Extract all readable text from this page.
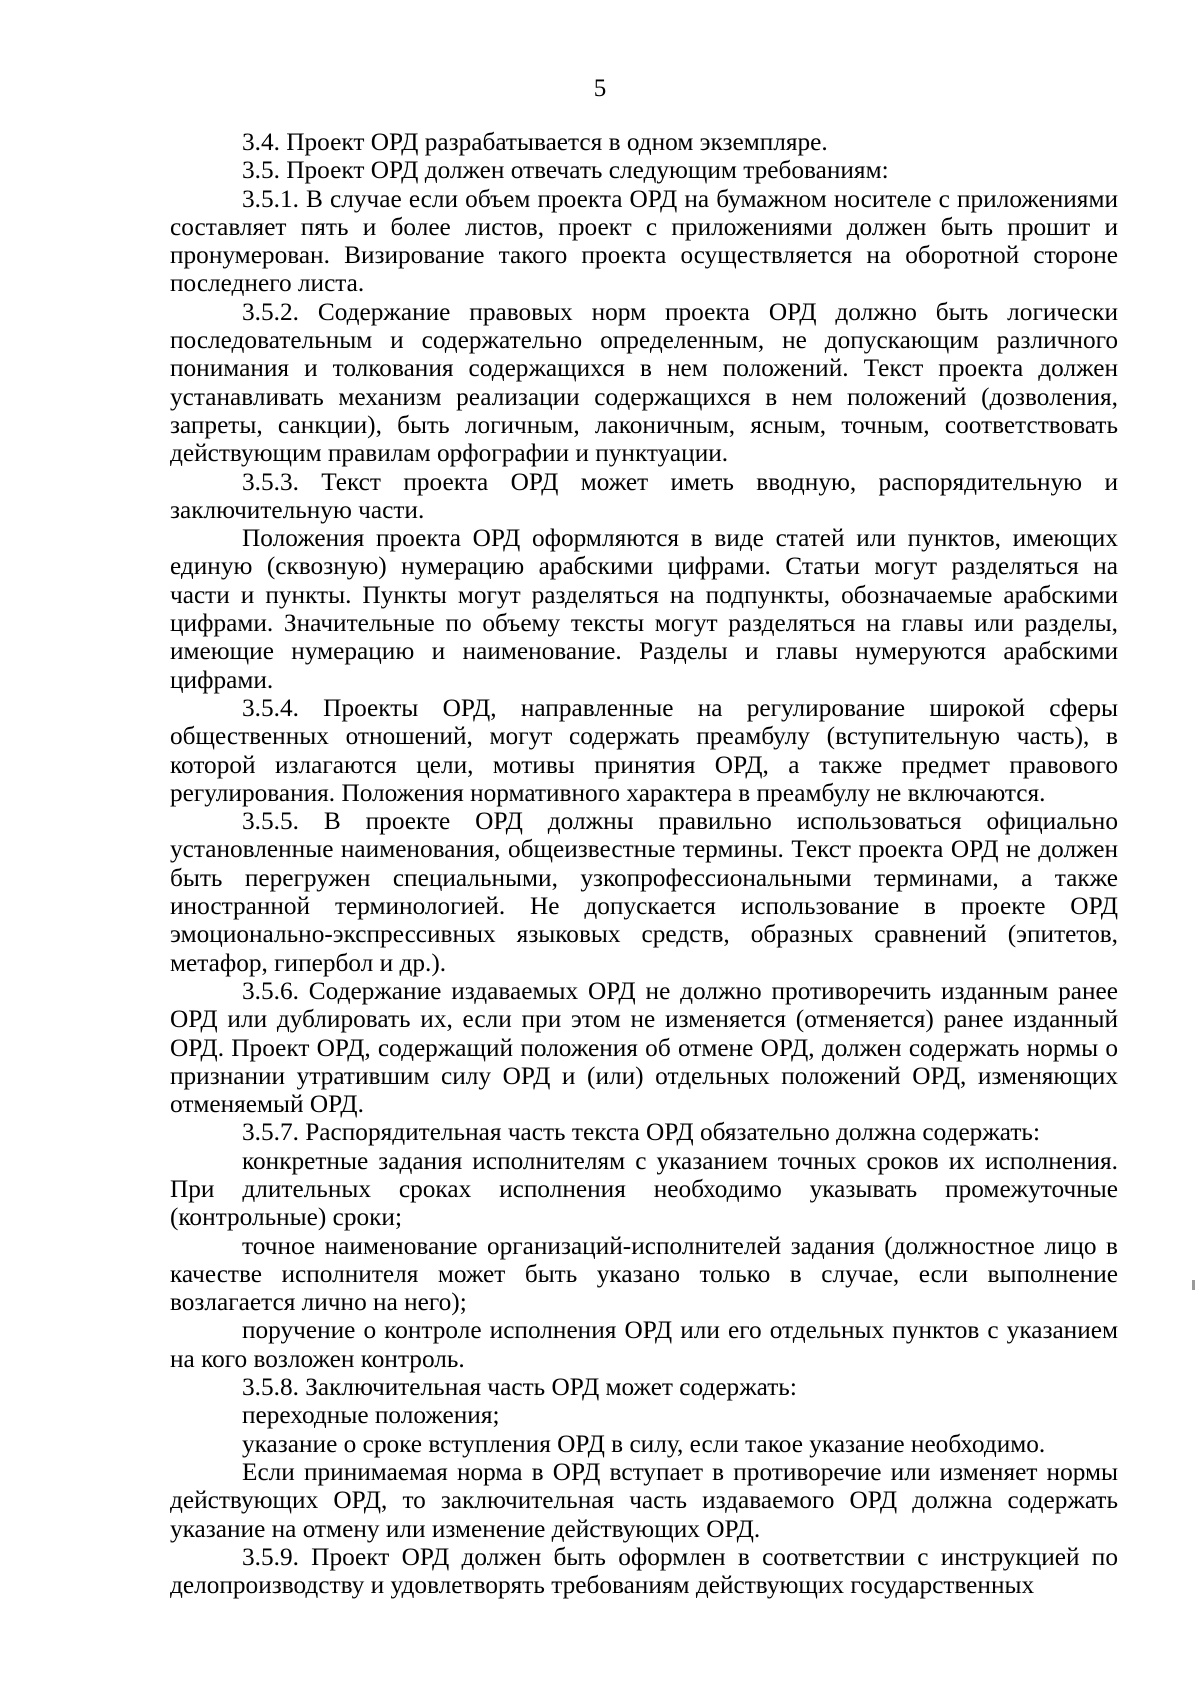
5

3.4. Проект ОРД разрабатывается в одном экземпляре.

3.5. Проект ОРД должен отвечать следующим требованиям:

3.5.1. В случае если объем проекта ОРД на бумажном носителе с приложениями составляет пять и более листов, проект с приложениями должен быть прошит и пронумерован. Визирование такого проекта осуществляется на оборотной стороне последнего листа.

3.5.2. Содержание правовых норм проекта ОРД должно быть логически последовательным и содержательно определенным, не допускающим различного понимания и толкования содержащихся в нем положений. Текст проекта должен устанавливать механизм реализации содержащихся в нем положений (дозволения, запреты, санкции), быть логичным, лаконичным, ясным, точным, соответствовать действующим правилам орфографии и пунктуации.

3.5.3. Текст проекта ОРД может иметь вводную, распорядительную и заключительную части.

Положения проекта ОРД оформляются в виде статей или пунктов, имеющих единую (сквозную) нумерацию арабскими цифрами. Статьи могут разделяться на части и пункты. Пункты могут разделяться на подпункты, обозначаемые арабскими цифрами. Значительные по объему тексты могут разделяться на главы или разделы, имеющие нумерацию и наименование. Разделы и главы нумеруются арабскими цифрами.

3.5.4. Проекты ОРД, направленные на регулирование широкой сферы общественных отношений, могут содержать преамбулу (вступительную часть), в которой излагаются цели, мотивы принятия ОРД, а также предмет правового регулирования. Положения нормативного характера в преамбулу не включаются.

3.5.5. В проекте ОРД должны правильно использоваться официально установленные наименования, общеизвестные термины. Текст проекта ОРД не должен быть перегружен специальными, узкопрофессиональными терминами, а также иностранной терминологией. Не допускается использование в проекте ОРД эмоционально-экспрессивных языковых средств, образных сравнений (эпитетов, метафор, гипербол и др.).

3.5.6. Содержание издаваемых ОРД не должно противоречить изданным ранее ОРД или дублировать их, если при этом не изменяется (отменяется) ранее изданный ОРД. Проект ОРД, содержащий положения об отмене ОРД, должен содержать нормы о признании утратившим силу ОРД и (или) отдельных положений ОРД, изменяющих отменяемый ОРД.

3.5.7. Распорядительная часть текста ОРД обязательно должна содержать:

конкретные задания исполнителям с указанием точных сроков их исполнения. При длительных сроках исполнения необходимо указывать промежуточные (контрольные) сроки;

точное наименование организаций-исполнителей задания (должностное лицо в качестве исполнителя может быть указано только в случае, если выполнение возлагается лично на него);

поручение о контроле исполнения ОРД или его отдельных пунктов с указанием на кого возложен контроль.

3.5.8. Заключительная часть ОРД может содержать:

переходные положения;

указание о сроке вступления ОРД в силу, если такое указание необходимо.

Если принимаемая норма в ОРД вступает в противоречие или изменяет нормы действующих ОРД, то заключительная часть издаваемого ОРД должна содержать указание на отмену или изменение действующих ОРД.

3.5.9. Проект ОРД должен быть оформлен в соответствии с инструкцией по делопроизводству и удовлетворять требованиям действующих государственных
